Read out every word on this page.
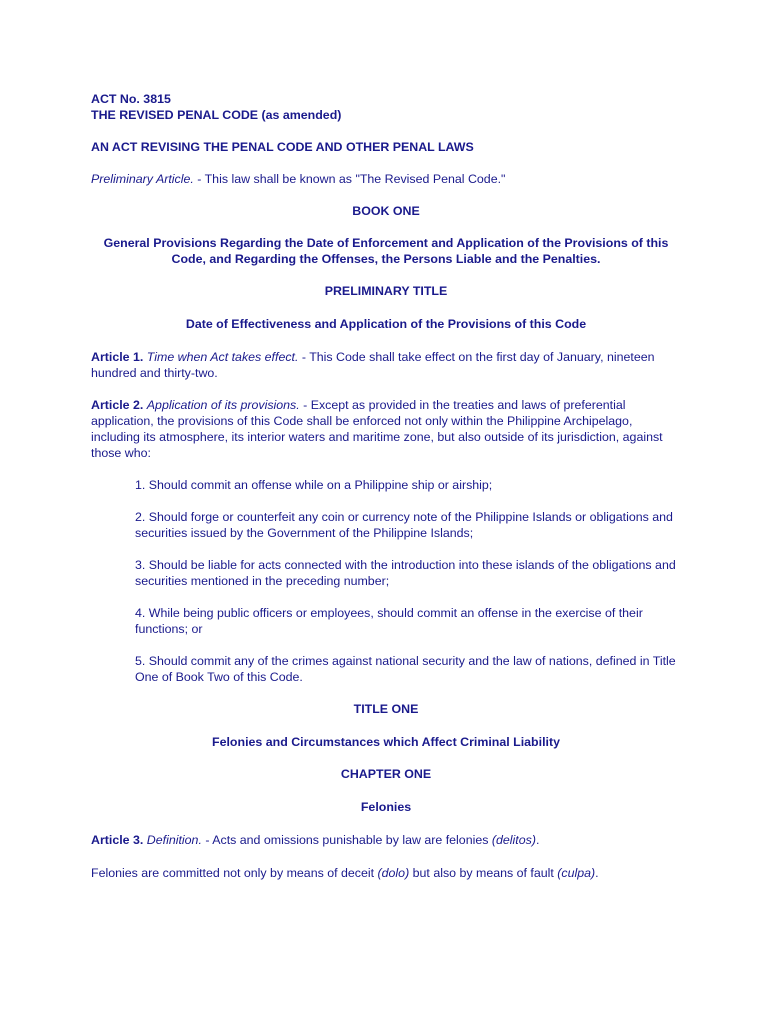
ACT No. 3815

THE REVISED PENAL CODE (as amended)

AN ACT REVISING THE PENAL CODE AND OTHER PENAL LAWS

Preliminary Article. - This law shall be known as "The Revised Penal Code."

BOOK ONE

General Provisions Regarding the Date of Enforcement and Application of the Provisions of this Code, and Regarding the Offenses, the Persons Liable and the Penalties.

PRELIMINARY TITLE

Date of Effectiveness and Application of the Provisions of this Code

Article 1. Time when Act takes effect. - This Code shall take effect on the first day of January, nineteen hundred and thirty-two.

Article 2. Application of its provisions. - Except as provided in the treaties and laws of preferential application, the provisions of this Code shall be enforced not only within the Philippine Archipelago, including its atmosphere, its interior waters and maritime zone, but also outside of its jurisdiction, against those who:

1. Should commit an offense while on a Philippine ship or airship;

2. Should forge or counterfeit any coin or currency note of the Philippine Islands or obligations and securities issued by the Government of the Philippine Islands;

3. Should be liable for acts connected with the introduction into these islands of the obligations and securities mentioned in the preceding number;

4. While being public officers or employees, should commit an offense in the exercise of their functions; or

5. Should commit any of the crimes against national security and the law of nations, defined in Title One of Book Two of this Code.

TITLE ONE

Felonies and Circumstances which Affect Criminal Liability

CHAPTER ONE

Felonies

Article 3. Definition. - Acts and omissions punishable by law are felonies (delitos).

Felonies are committed not only by means of deceit (dolo) but also by means of fault (culpa).
